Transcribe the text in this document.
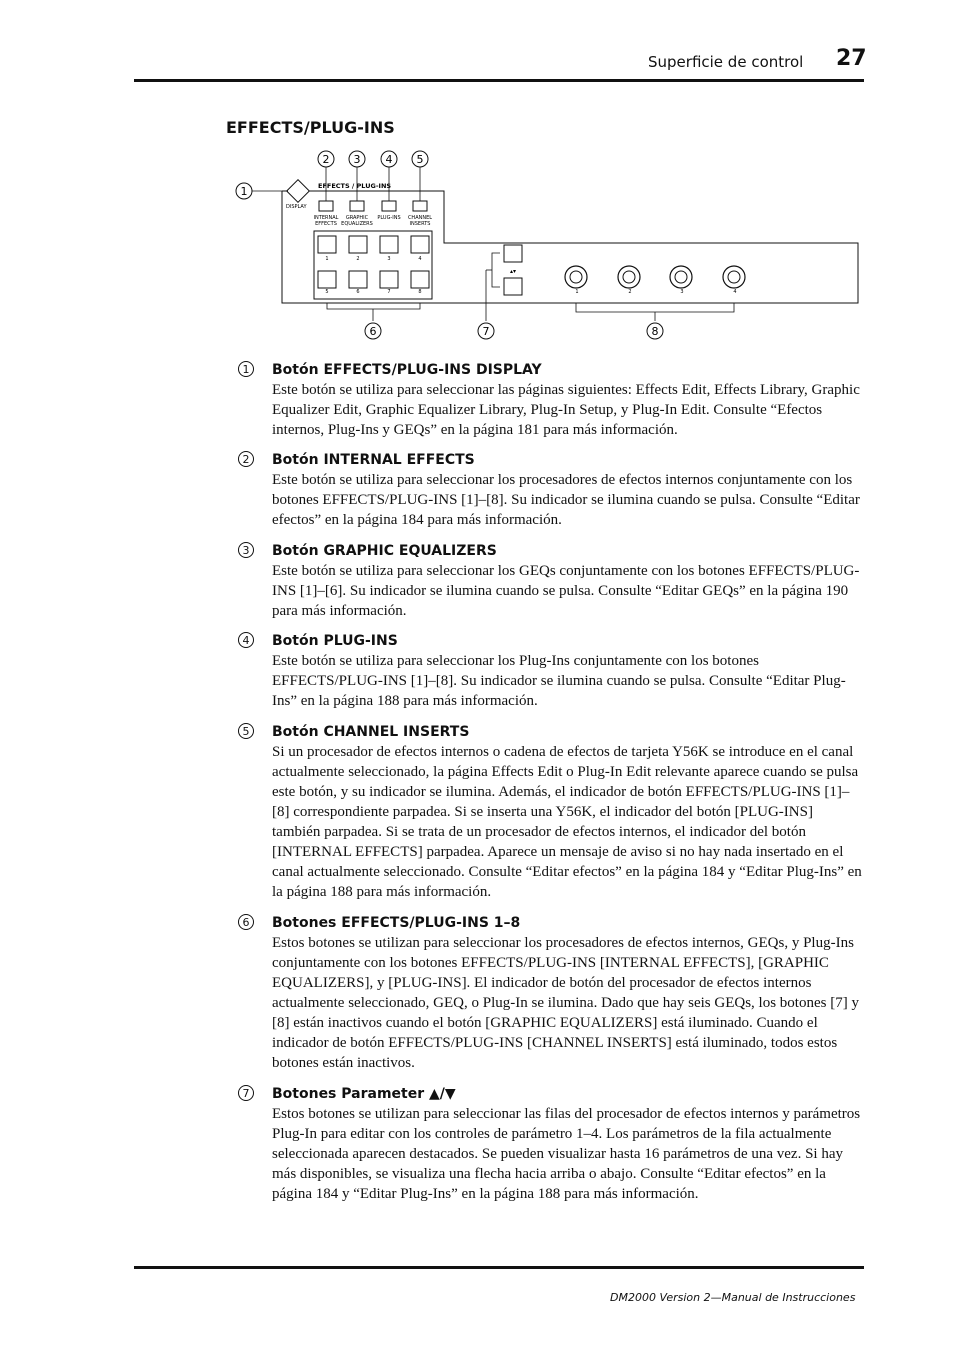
Superficie de control 27
EFFECTS/PLUG-INS
DISPLAY
EFFECTS / PLUG-INS
INTERNAL
EFFECTS
GRAPHIC
EQUALIZERS
PLUG-INS CHANNEL
INSERTS
1	2	3	4
5	6	7	8
▴▾
1	2	3	4
1
2 3 4 5
6	7	8
1	Botón EFFECTS/PLUG-INS DISPLAY
Este botón se utiliza para seleccionar las páginas siguientes: Effects Edit, Effects Library, Graphic Equalizer Edit, Graphic Equalizer Library, Plug-In Setup, y Plug-In Edit. Consulte “Efectos internos, Plug-Ins y GEQs” en la página 181 para más información.
2	Botón INTERNAL EFFECTS
Este botón se utiliza para seleccionar los procesadores de efectos internos conjuntamente con los botones EFFECTS/PLUG-INS [1]–[8]. Su indicador se ilumina cuando se pulsa. Consulte “Editar efectos” en la página 184 para más información.
3	Botón GRAPHIC EQUALIZERS
Este botón se utiliza para seleccionar los GEQs conjuntamente con los botones EFFECTS/PLUG-INS [1]–[6]. Su indicador se ilumina cuando se pulsa. Consulte “Editar GEQs” en la página 190 para más información.
4	Botón PLUG-INS
Este botón se utiliza para seleccionar los Plug-Ins conjuntamente con los botones EFFECTS/PLUG-INS [1]–[8]. Su indicador se ilumina cuando se pulsa. Consulte “Editar Plug-Ins” en la página 188 para más información.
5	Botón CHANNEL INSERTS
Si un procesador de efectos internos o cadena de efectos de tarjeta Y56K se introduce en el canal actualmente seleccionado, la página Effects Edit o Plug-In Edit relevante aparece cuando se pulsa este botón, y su indicador se ilumina. Además, el indicador de botón EFFECTS/PLUG-INS [1]–[8] correspondiente parpadea. Si se inserta una Y56K, el indicador del botón [PLUG-INS] también parpadea. Si se trata de un procesador de efectos internos, el indicador del botón [INTERNAL EFFECTS] parpadea. Aparece un mensaje de aviso si no hay nada insertado en el canal actualmente seleccionado. Consulte “Editar efectos” en la página 184 y “Editar Plug-Ins” en la página 188 para más información.
6	Botones EFFECTS/PLUG-INS 1–8
Estos botones se utilizan para seleccionar los procesadores de efectos internos, GEQs, y Plug-Ins conjuntamente con los botones EFFECTS/PLUG-INS [INTERNAL EFFECTS], [GRAPHIC EQUALIZERS], y [PLUG-INS]. El indicador de botón del procesador de efectos internos actualmente seleccionado, GEQ, o Plug-In se ilumina. Dado que hay seis GEQs, los botones [7] y [8] están inactivos cuando el botón [GRAPHIC EQUALIZERS] está iluminado. Cuando el indicador de botón EFFECTS/PLUG-INS [CHANNEL INSERTS] está iluminado, todos estos botones están inactivos.
7	Botones Parameter ▲/▼
Estos botones se utilizan para seleccionar las filas del procesador de efectos internos y parámetros Plug-In para editar con los controles de parámetro 1–4. Los parámetros de la fila actualmente seleccionada aparecen destacados. Se pueden visualizar hasta 16 parámetros de una vez. Si hay más disponibles, se visualiza una flecha hacia arriba o abajo. Consulte “Editar efectos” en la página 184 y “Editar Plug-Ins” en la página 188 para más información.
DM2000 Version 2—Manual de Instrucciones
